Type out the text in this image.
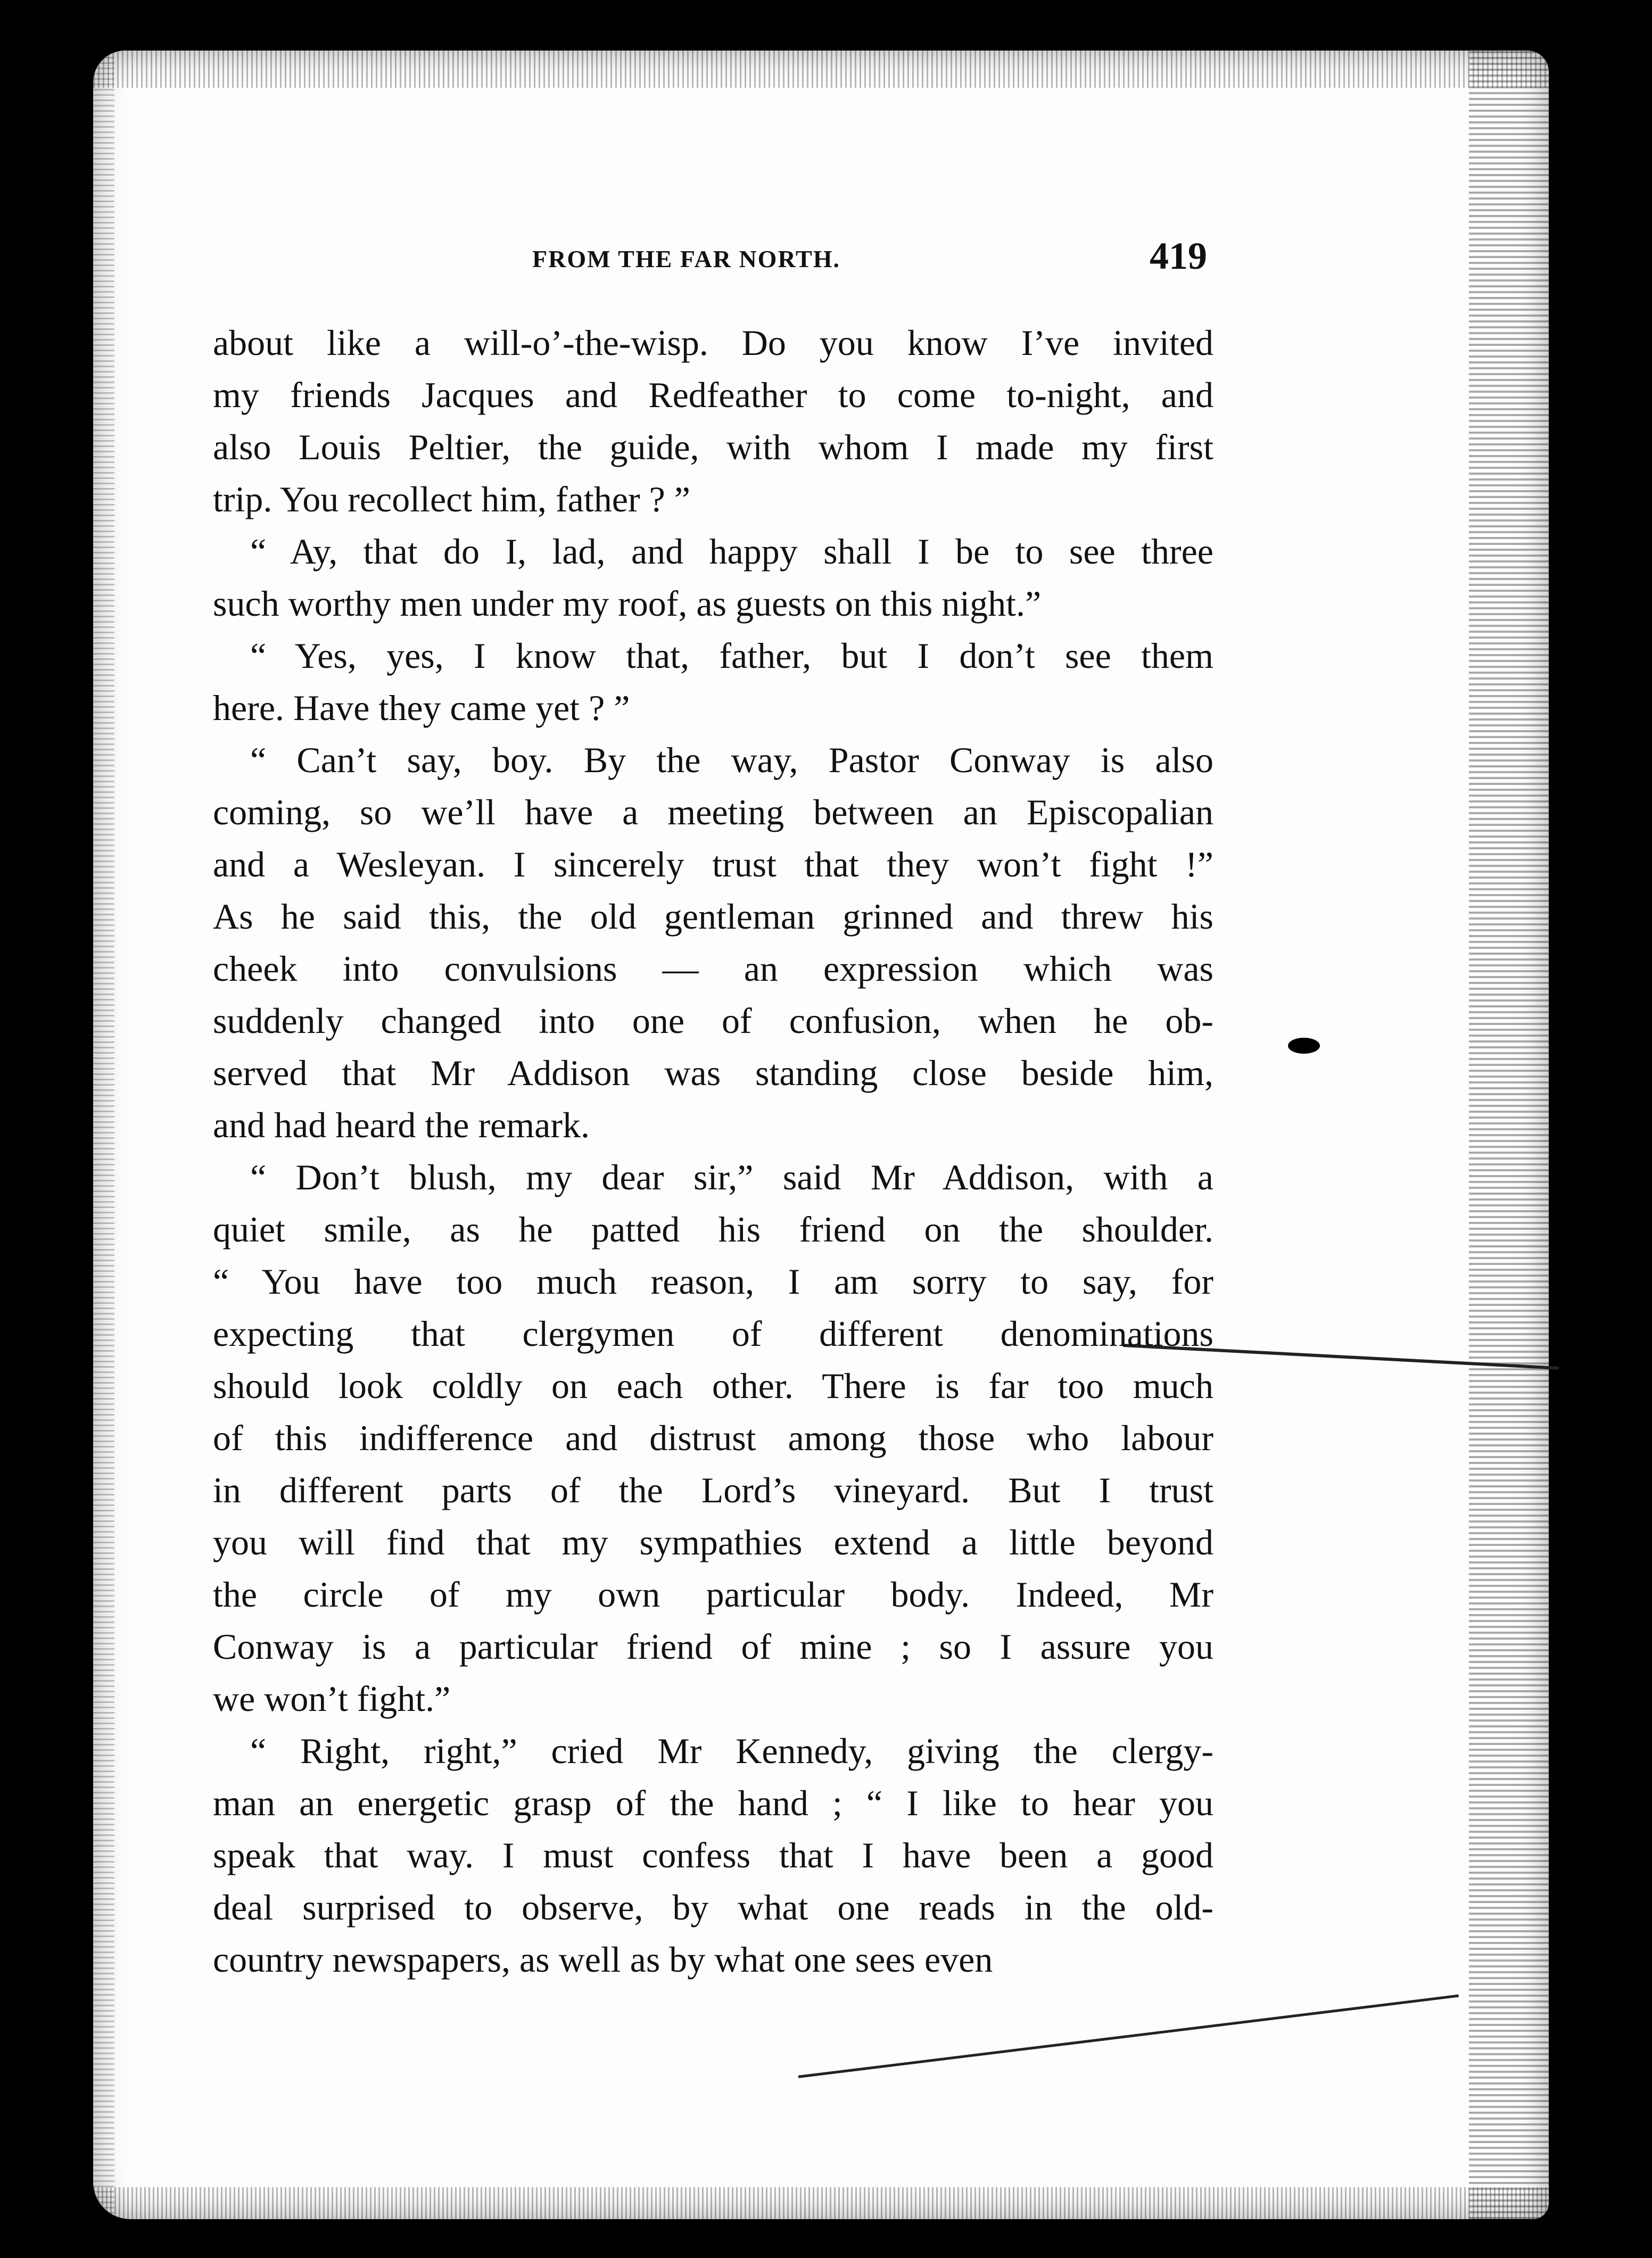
FROM THE FAR NORTH.	419
about like a will-o’-the-wisp. Do you know I’ve invited
my friends Jacques and Redfeather to come to-night, and
also Louis Peltier, the guide, with whom I made my first
trip. You recollect him, father ? ”
“ Ay, that do I, lad, and happy shall I be to see three
such worthy men under my roof, as guests on this night.”
“ Yes, yes, I know that, father, but I don’t see them
here. Have they came yet ? ”
“ Can’t say, boy. By the way, Pastor Conway is also
coming, so we’ll have a meeting between an Episcopalian
and a Wesleyan. I sincerely trust that they won’t fight !”
As he said this, the old gentleman grinned and threw his
cheek into convulsions — an expression which was
suddenly changed into one of confusion, when he ob-
served that Mr Addison was standing close beside him,
and had heard the remark.
“ Don’t blush, my dear sir,” said Mr Addison, with a
quiet smile, as he patted his friend on the shoulder.
“ You have too much reason, I am sorry to say, for
expecting that clergymen of different denominations
should look coldly on each other. There is far too much
of this indifference and distrust among those who labour
in different parts of the Lord’s vineyard. But I trust
you will find that my sympathies extend a little beyond
the circle of my own particular body. Indeed, Mr
Conway is a particular friend of mine ; so I assure you
we won’t fight.”
“ Right, right,” cried Mr Kennedy, giving the clergy-
man an energetic grasp of the hand ; “ I like to hear you
speak that way. I must confess that I have been a good
deal surprised to observe, by what one reads in the old-
country newspapers, as well as by what one sees even
